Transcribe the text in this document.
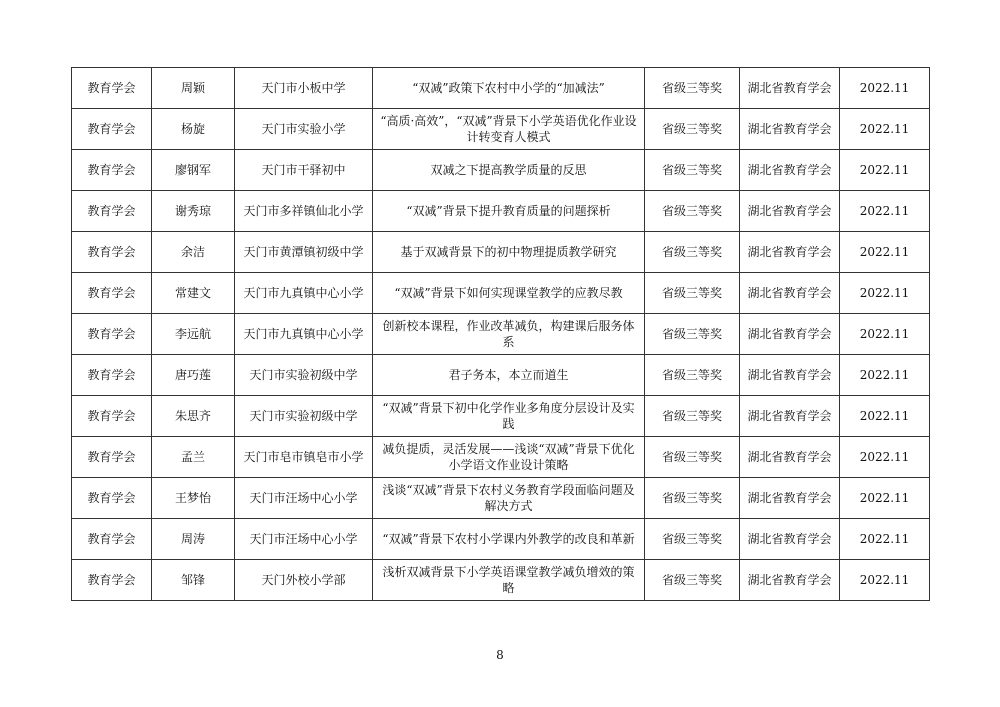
教育学会	周颖	天门市小板中学	“双减”政策下农村中小学的“加减法”	省级三等奖	湖北省教育学会	2022.11
教育学会	杨旋	天门市实验小学	“高质·高效”，“双减”背景下小学英语优化作业设计转变育人模式	省级三等奖	湖北省教育学会	2022.11
教育学会	廖钢军	天门市干驿初中	双减之下提高教学质量的反思	省级三等奖	湖北省教育学会	2022.11
教育学会	谢秀琼	天门市多祥镇仙北小学	“双减”背景下提升教育质量的问题探析	省级三等奖	湖北省教育学会	2022.11
教育学会	余洁	天门市黄潭镇初级中学	基于双减背景下的初中物理提质教学研究	省级三等奖	湖北省教育学会	2022.11
教育学会	常建文	天门市九真镇中心小学	“双减”背景下如何实现课堂教学的应教尽教	省级三等奖	湖北省教育学会	2022.11
教育学会	李远航	天门市九真镇中心小学	创新校本课程，作业改革减负，构建课后服务体系	省级三等奖	湖北省教育学会	2022.11
教育学会	唐巧莲	天门市实验初级中学	君子务本，本立而道生	省级三等奖	湖北省教育学会	2022.11
教育学会	朱思齐	天门市实验初级中学	“双减”背景下初中化学作业多角度分层设计及实践	省级三等奖	湖北省教育学会	2022.11
教育学会	孟兰	天门市皂市镇皂市小学	减负提质，灵活发展——浅谈“双减”背景下优化小学语文作业设计策略	省级三等奖	湖北省教育学会	2022.11
教育学会	王梦怡	天门市汪场中心小学	浅谈“双减”背景下农村义务教育学段面临问题及解决方式	省级三等奖	湖北省教育学会	2022.11
教育学会	周涛	天门市汪场中心小学	“双减”背景下农村小学课内外教学的改良和革新	省级三等奖	湖北省教育学会	2022.11
教育学会	邹锋	天门外校小学部	浅析双减背景下小学英语课堂教学减负增效的策略	省级三等奖	湖北省教育学会	2022.11
8
